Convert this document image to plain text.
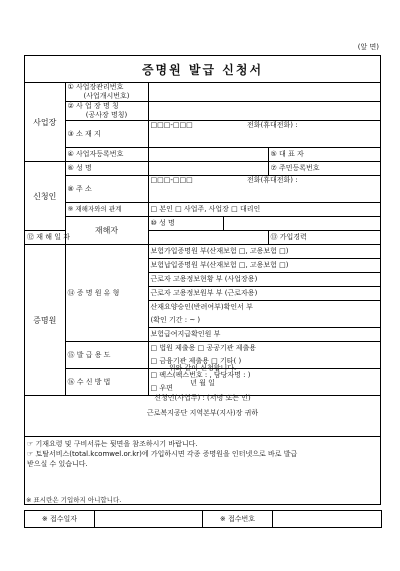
(앞 면)
증명원 발급 신청서
사업장	① 사업장관리번호
(사업개시번호)				

	② 사 업 장 명 칭
(공사장 명칭)				

	③ 소 재 지	□□□-□□□ 전화(휴대전화) :			
	④ 사업자등록번호			⑤ 대 표 자	
신청인	⑥ 성 명			⑦ 주민등록번호	
	⑧ 주 소	□□□-□□□ 전화(휴대전화) :			
	⑨ 재해자와의 관계	□ 본인 □ 사업주, 사업장 □ 대리인			
	재해자	⑩ 성 명		
⑫ 재 해 일 자				⑬ 가입경력	
증명원	⑭ 증 명 원 유 형	보험가입증명원 부(산재보험 □, 고용보험 □)			
		보험납입증명원 부(산재보험 □, 고용보험 □)			
		근로자 고용정보현황 부 (사업장용)			
		근로자 고용정보원부 부 (근로자용)			
		산재요양승인(반려여부)확인서 부			
		(확인 기간 : ~ )			
		보험급여지급확인원 부			
	⑮ 발 급 용 도	□ 법원 제출용 □ 공공기관 제출용			
		□ 금융기관 제출용 □ 기타( )			
	⑯ 수 신 방 법	□ 팩스(팩스번호 : , 담당자명 : )			
		□ 우편			
위와 같이 신청합니다.
년 월 일
신청인(사업주) : (서명 또는 인)
근로복지공단 지역본부(지사)장 귀하
☞ 기재요령 및 구비서류는 뒷면을 참조하시기 바랍니다.
☞ 토탈서비스(total.kcomwel.or.kr)에 가입하시면 각종 증명원을 인터넷으로 바로 발급
받으실 수 있습니다.
※ 표시란은 기입하지 아니합니다.
※ 접수일자		※ 접수번호	
